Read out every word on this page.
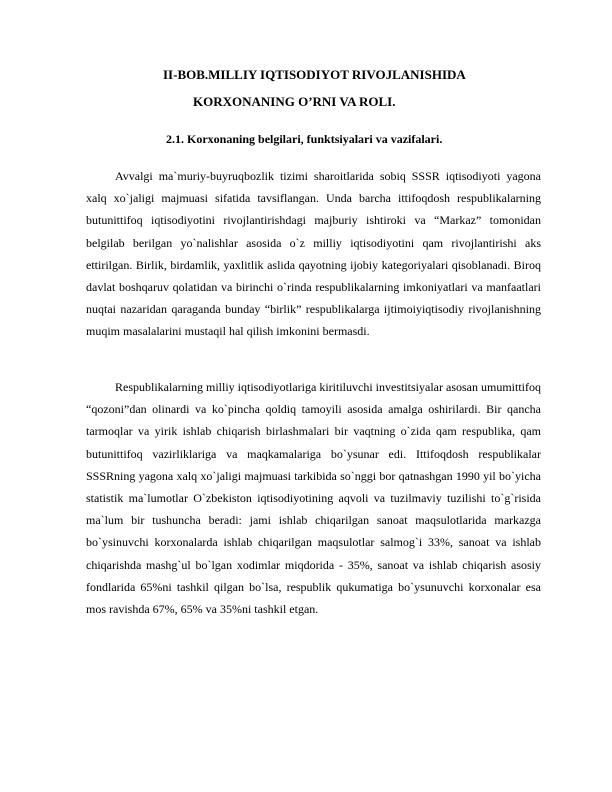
II-BOB.MILLIY IQTISODIYOT RIVOJLANISHIDA
KORXONANING O’RNI VA ROLI.
2.1. Korxonaning belgilari, funktsiyalari va vazifalari.

Avvalgi ma`muriy-buyruqbozlik tizimi sharoitlarida sobiq SSSR iqtisodiyoti yagona xalq xo`jaligi majmuasi sifatida tavsiflangan. Unda barcha ittifoqdosh respublikalarning butunittifoq iqtisodiyotini rivojlantirishdagi majburiy ishtiroki va “Markaz” tomonidan belgilab berilgan yo`nalishlar asosida o`z milliy iqtisodiyotini qam rivojlantirishi aks ettirilgan. Birlik, birdamlik, yaxlitlik aslida qayotning ijobiy kategoriyalari qisoblanadi. Biroq davlat boshqaruv qolatidan va birinchi o`rinda respublikalarning imkoniyatlari va manfaatlari nuqtai nazaridan qaraganda bunday “birlik” respublikalarga ijtimoiyiqtisodiy rivojlanishning muqim masalalarini mustaqil hal qilish imkonini bermasdi.

Respublikalarning milliy iqtisodiyotlariga kiritiluvchi investitsiyalar asosan umumittifoq “qozoni”dan olinardi va ko`pincha qoldiq tamoyili asosida amalga oshirilardi. Bir qancha tarmoqlar va yirik ishlab chiqarish birlashmalari bir vaqtning o`zida qam respublika, qam butunittifoq vazirliklariga va maqkamalariga bo`ysunar edi. Ittifoqdosh respublikalar SSSRning yagona xalq xo`jaligi majmuasi tarkibida so`nggi bor qatnashgan 1990 yil bo`yicha statistik ma`lumotlar O`zbekiston iqtisodiyotining aqvoli va tuzilmaviy tuzilishi to`g`risida ma`lum bir tushuncha beradi: jami ishlab chiqarilgan sanoat maqsulotlarida markazga bo`ysinuvchi korxonalarda ishlab chiqarilgan maqsulotlar salmog`i 33%, sanoat va ishlab chiqarishda mashg`ul bo`lgan xodimlar miqdorida - 35%, sanoat va ishlab chiqarish asosiy fondlarida 65%ni tashkil qilgan bo`lsa, respublik qukumatiga bo`ysunuvchi korxonalar esa mos ravishda 67%, 65% va 35%ni tashkil etgan.
